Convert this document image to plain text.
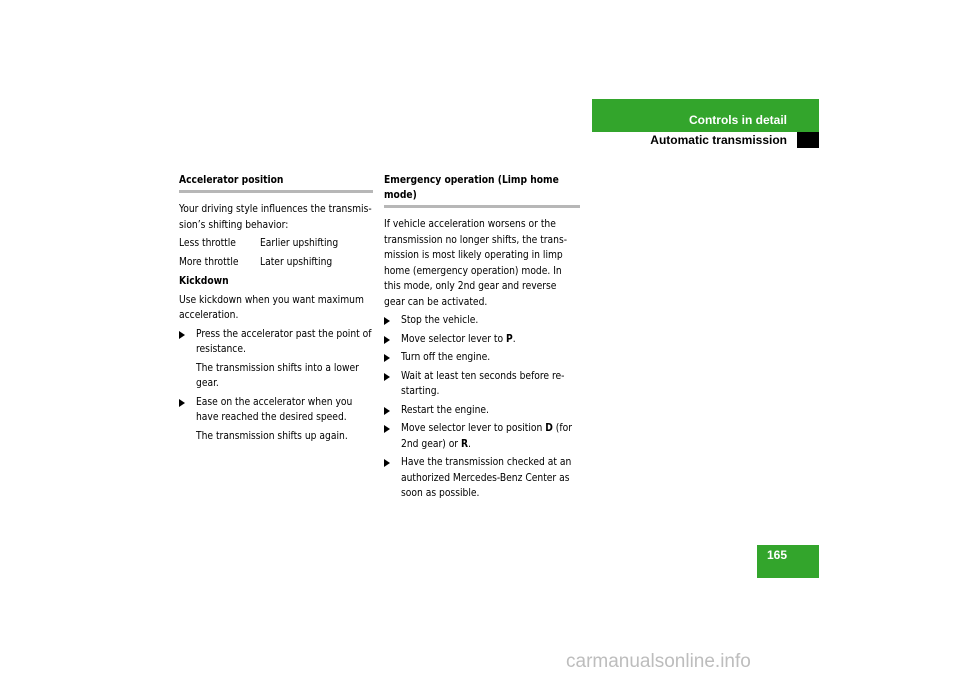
Controls in detail
Automatic transmission
Accelerator position

Your driving style influences the transmis-sion’s shifting behavior:

Less throttle	Earlier upshifting
More throttle	Later upshifting
Kickdown

Use kickdown when you want maximum acceleration.

Press the accelerator past the point of resistance.
The transmission shifts into a lower gear.
Ease on the accelerator when you have reached the desired speed.
The transmission shifts up again.
Emergency operation (Limp home mode)

If vehicle acceleration worsens or the transmission no longer shifts, the trans-mission is most likely operating in limp home (emergency operation) mode. In this mode, only 2nd gear and reverse gear can be activated.

Stop the vehicle.
Move selector lever to P.
Turn off the engine.
Wait at least ten seconds before re-starting.
Restart the engine.
Move selector lever to position D (for 2nd gear) or R.
Have the transmission checked at an authorized Mercedes-Benz Center as soon as possible.
165
carmanualsonline.info
